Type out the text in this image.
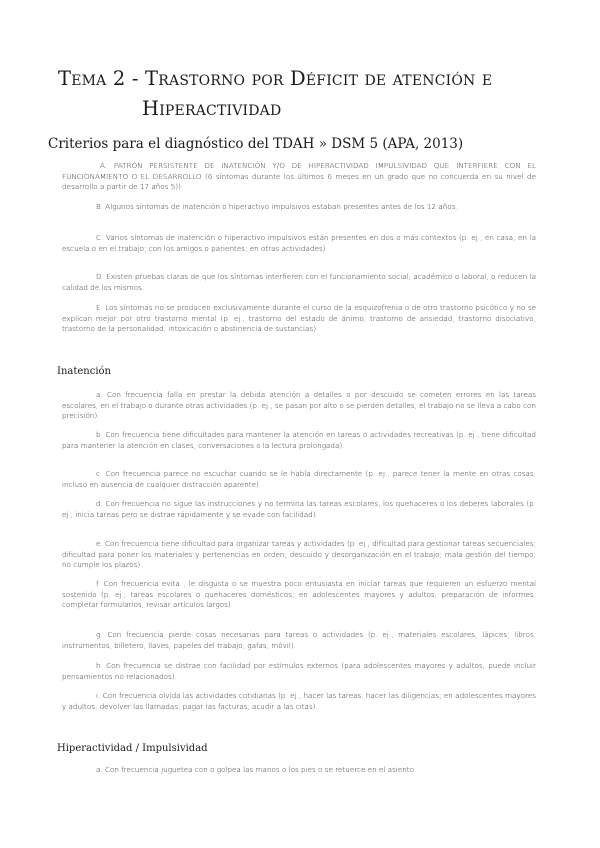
Tema 2 - Trastorno por Déficit de atención e
Hiperactividad
Criterios para el diagnóstico del TDAH » DSM 5 (APA, 2013)

A. PATRÓN PERSISTENTE DE INATENCIÓN Y/O DE HIPERACTIVIDAD IMPULSIVIDAD QUE INTERFIERE CON EL FUNCIONAMIENTO O EL DESARROLLO (6 síntomas durante los últimos 6 meses en un grado que no concuerda en su nivel de desarrollo a partir de 17 años 5))

B. Algunos síntomas de inatención o hiperactivo impulsivos estaban presentes antes de los 12 años.

C. Varios síntomas de inatención o hiperactivo impulsivos están presentes en dos o más contextos (p. ej., en casa, en la escuela o en el trabajo; con los amigos o parientes; en otras actividades).

D. Existen pruebas claras de que los síntomas interfieren con el funcionamiento social, académico o laboral, o reducen la calidad de los mismos.

E. Los síntomas no se producen exclusivamente durante el curso de la esquizofrenia o de otro trastorno psicótico y no se explican mejor por otro trastorno mental (p. ej., trastorno del estado de ánimo, trastorno de ansiedad, trastorno disociativo, trastorno de la personalidad, intoxicación o abstinencia de sustancias).

Inatención

a. Con frecuencia falla en prestar la debida atención a detalles o por descuido se cometen errores en las tareas escolares, en el trabajo o durante otras actividades (p. ej., se pasan por alto o se pierden detalles, el trabajo no se lleva a cabo con precisión).

b. Con frecuencia tiene dificultades para mantener la atención en tareas o actividades recreativas (p. ej., tiene dificultad para mantener la atención en clases, conversaciones o la lectura prolongada).

c. Con frecuencia parece no escuchar cuando se le habla directamente (p. ej., parece tener la mente en otras cosas, incluso en ausencia de cualquier distracción aparente).

d. Con frecuencia no sigue las instrucciones y no termina las tareas escolares, los quehaceres o los deberes laborales (p. ej., inicia tareas pero se distrae rápidamente y se evade con facilidad).

e. Con frecuencia tiene dificultad para organizar tareas y actividades (p. ej., dificultad para gestionar tareas secuenciales; dificultad para poner los materiales y pertenencias en orden; descuido y desorganización en el trabajo; mala gestión del tiempo; no cumple los plazos).

f. Con frecuencia evita , le disgusta o se muestra poco entusiasta en iniciar tareas que requieren un esfuerzo mental sostenido (p. ej., tareas escolares o quehaceres domésticos; en adolescentes mayores y adultos, preparación de informes, completar formularios, revisar artículos largos).

g. Con frecuencia pierde cosas necesarias para tareas o actividades (p. ej., materiales escolares, lápices, libros, instrumentos, billetero, llaves, papeles del trabajo, gafas, móvil).

h. Con frecuencia se distrae con facilidad por estímulos externos (para adolescentes mayores y adultos, puede incluir pensamientos no relacionados).

i. Con frecuencia olvida las actividades cotidianas (p. ej., hacer las tareas, hacer las diligencias; en adolescentes mayores y adultos, devolver las llamadas, pagar las facturas, acudir a las citas).

Hiperactividad / Impulsividad

a. Con frecuencia juguetea con o golpea las manos o los pies o se retuerce en el asiento
